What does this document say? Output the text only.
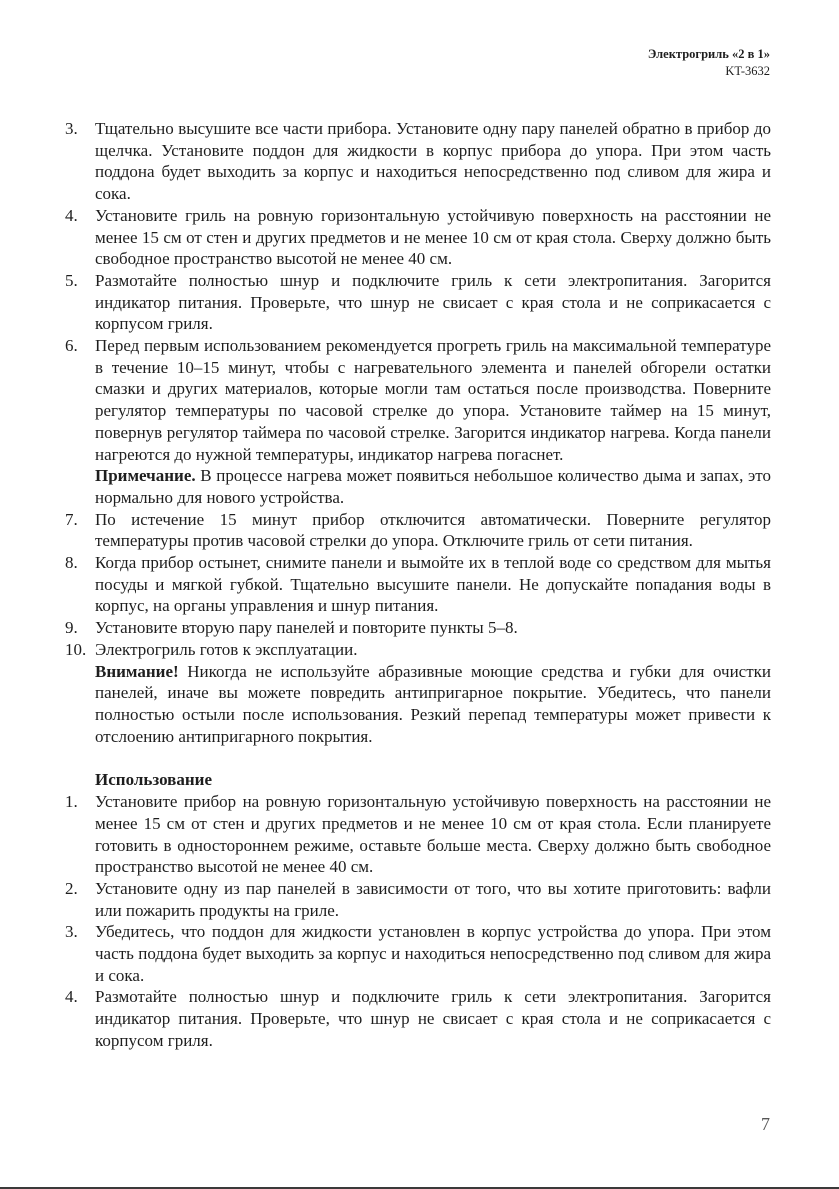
Электрогриль «2 в 1»
KT-3632
3. Тщательно высушите все части прибора. Установите одну пару панелей обратно в прибор до щелчка. Установите поддон для жидкости в корпус прибора до упора. При этом часть поддона будет выходить за корпус и находиться непосредственно под сливом для жира и сока.

4. Установите гриль на ровную горизонтальную устойчивую поверхность на расстоянии не менее 15 см от стен и других предметов и не менее 10 см от края стола. Сверху должно быть свободное пространство высотой не менее 40 см.

5. Размотайте полностью шнур и подключите гриль к сети электропитания. Загорится индикатор питания. Проверьте, что шнур не свисает с края стола и не соприкасается с корпусом гриля.

6. Перед первым использованием рекомендуется прогреть гриль на максимальной температуре в течение 10–15 минут, чтобы с нагревательного элемента и панелей обгорели остатки смазки и других материалов, которые могли там остаться после производства. Поверните регулятор температуры по часовой стрелке до упора. Установите таймер на 15 минут, повернув регулятор таймера по часовой стрелке. Загорится индикатор нагрева. Когда панели нагреются до нужной температуры, индикатор нагрева погаснет.

Примечание. В процессе нагрева может появиться небольшое количество дыма и запах, это нормально для нового устройства.
7. По истечение 15 минут прибор отключится автоматически. Поверните регулятор температуры против часовой стрелки до упора. Отключите гриль от сети питания.

8. Когда прибор остынет, снимите панели и вымойте их в теплой воде со средством для мытья посуды и мягкой губкой. Тщательно высушите панели. Не допускайте попадания воды в корпус, на органы управления и шнур питания.

9. Установите вторую пару панелей и повторите пункты 5–8.

10. Электрогриль готов к эксплуатации.

Внимание! Никогда не используйте абразивные моющие средства и губки для очистки панелей, иначе вы можете повредить антипригарное покрытие. Убедитесь, что панели полностью остыли после использования. Резкий перепад температуры может привести к отслоению антипригарного покрытия.
Использование
1. Установите прибор на ровную горизонтальную устойчивую поверхность на расстоянии не менее 15 см от стен и других предметов и не менее 10 см от края стола. Если планируете готовить в одностороннем режиме, оставьте больше места. Сверху должно быть свободное пространство высотой не менее 40 см.

2. Установите одну из пар панелей в зависимости от того, что вы хотите приготовить: вафли или пожарить продукты на гриле.

3. Убедитесь, что поддон для жидкости установлен в корпус устройства до упора. При этом часть поддона будет выходить за корпус и находиться непосредственно под сливом для жира и сока.

4. Размотайте полностью шнур и подключите гриль к сети электропитания. Загорится индикатор питания. Проверьте, что шнур не свисает с края стола и не соприкасается с корпусом гриля.

7
